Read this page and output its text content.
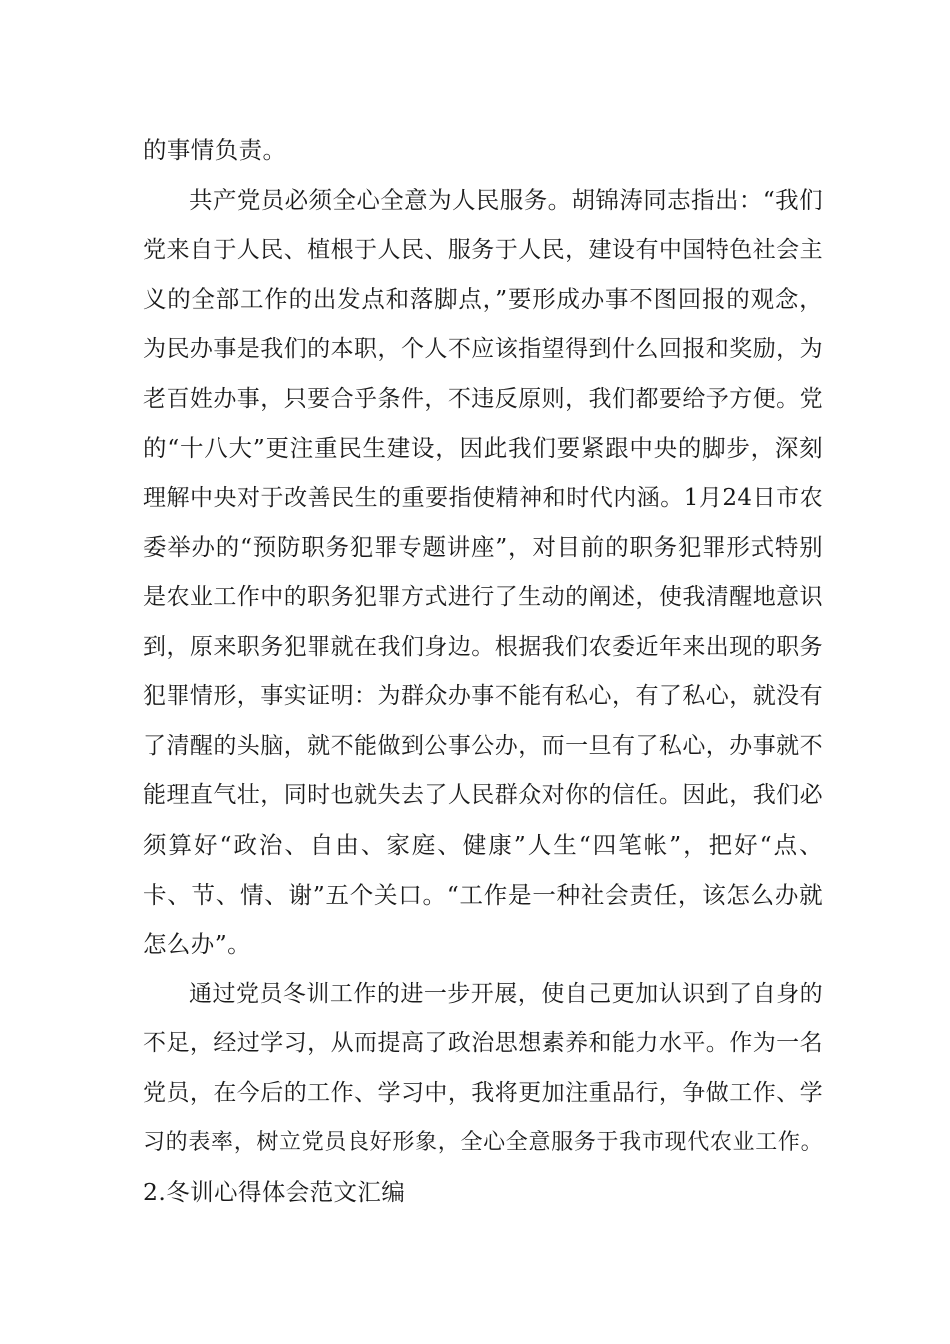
的事情负责。
共产党员必须全心全意为人民服务。胡锦涛同志指出：“我们
党来自于人民、植根于人民、服务于人民，建设有中国特色社会主
义的全部工作的出发点和落脚点，”要形成办事不图回报的观念，
为民办事是我们的本职，个人不应该指望得到什么回报和奖励，为
老百姓办事，只要合乎条件，不违反原则，我们都要给予方便。党
的“十八大”更注重民生建设，因此我们要紧跟中央的脚步，深刻
理解中央对于改善民生的重要指使精神和时代内涵。1月24日市农
委举办的“预防职务犯罪专题讲座”，对目前的职务犯罪形式特别
是农业工作中的职务犯罪方式进行了生动的阐述，使我清醒地意识
到，原来职务犯罪就在我们身边。根据我们农委近年来出现的职务
犯罪情形，事实证明：为群众办事不能有私心，有了私心，就没有
了清醒的头脑，就不能做到公事公办，而一旦有了私心，办事就不
能理直气壮，同时也就失去了人民群众对你的信任。因此，我们必
须算好“政治、自由、家庭、健康”人生“四笔帐”，把好“点、
卡、节、情、谢”五个关口。“工作是一种社会责任，该怎么办就
怎么办”。
通过党员冬训工作的进一步开展，使自己更加认识到了自身的
不足，经过学习，从而提高了政治思想素养和能力水平。作为一名
党员，在今后的工作、学习中，我将更加注重品行，争做工作、学
习的表率，树立党员良好形象，全心全意服务于我市现代农业工作。
2.冬训心得体会范文汇编
